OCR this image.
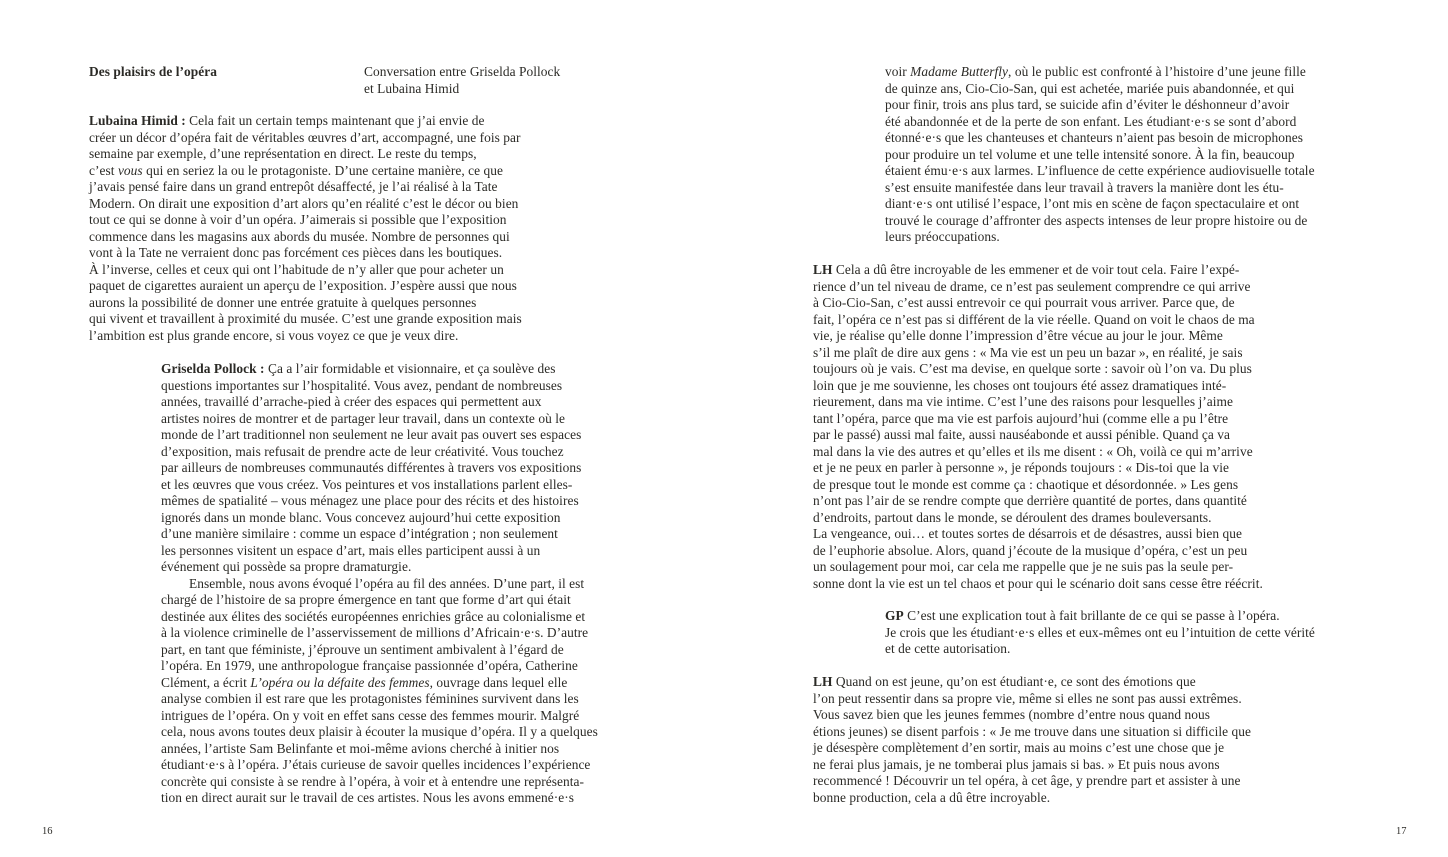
Des plaisirs de l’opéra	Conversation entre Griselda Pollock
et Lubaina Himid
Lubaina Himid : Cela fait un certain temps maintenant que j’ai envie de
créer un décor d’opéra fait de véritables œuvres d’art, accompagné, une fois par
semaine par exemple, d’une représentation en direct. Le reste du temps,
c’est vous qui en seriez la ou le protagoniste. D’une certaine manière, ce que
j’avais pensé faire dans un grand entrepôt désaffecté, je l’ai réalisé à la Tate
Modern. On dirait une exposition d’art alors qu’en réalité c’est le décor ou bien
tout ce qui se donne à voir d’un opéra. J’aimerais si possible que l’exposition
commence dans les magasins aux abords du musée. Nombre de personnes qui
vont à la Tate ne verraient donc pas forcément ces pièces dans les boutiques.
À l’inverse, celles et ceux qui ont l’habitude de n’y aller que pour acheter un
paquet de cigarettes auraient un aperçu de l’exposition. J’espère aussi que nous
aurons la possibilité de donner une entrée gratuite à quelques personnes
qui vivent et travaillent à proximité du musée. C’est une grande exposition mais
l’ambition est plus grande encore, si vous voyez ce que je veux dire.
Griselda Pollock : Ça a l’air formidable et visionnaire, et ça soulève des
questions importantes sur l’hospitalité. Vous avez, pendant de nombreuses
années, travaillé d’arrache-pied à créer des espaces qui permettent aux
artistes noires de montrer et de partager leur travail, dans un contexte où le
monde de l’art traditionnel non seulement ne leur avait pas ouvert ses espaces
d’exposition, mais refusait de prendre acte de leur créativité. Vous touchez
par ailleurs de nombreuses communautés différentes à travers vos expositions
et les œuvres que vous créez. Vos peintures et vos installations parlent elles-
mêmes de spatialité – vous ménagez une place pour des récits et des histoires
ignorés dans un monde blanc. Vous concevez aujourd’hui cette exposition
d’une manière similaire : comme un espace d’intégration ; non seulement
les personnes visitent un espace d’art, mais elles participent aussi à un
événement qui possède sa propre dramaturgie.
Ensemble, nous avons évoqué l’opéra au fil des années. D’une part, il est
chargé de l’histoire de sa propre émergence en tant que forme d’art qui était
destinée aux élites des sociétés européennes enrichies grâce au colonialisme et
à la violence criminelle de l’asservissement de millions d’Africain·e·s. D’autre
part, en tant que féministe, j’éprouve un sentiment ambivalent à l’égard de
l’opéra. En 1979, une anthropologue française passionnée d’opéra, Catherine
Clément, a écrit L’opéra ou la défaite des femmes, ouvrage dans lequel elle
analyse combien il est rare que les protagonistes féminines survivent dans les
intrigues de l’opéra. On y voit en effet sans cesse des femmes mourir. Malgré
cela, nous avons toutes deux plaisir à écouter la musique d’opéra. Il y a quelques
années, l’artiste Sam Belinfante et moi-même avions cherché à initier nos
étudiant·e·s à l’opéra. J’étais curieuse de savoir quelles incidences l’expérience
concrète qui consiste à se rendre à l’opéra, à voir et à entendre une représenta-
tion en direct aurait sur le travail de ces artistes. Nous les avons emmené·e·s
voir Madame Butterfly, où le public est confronté à l’histoire d’une jeune fille
de quinze ans, Cio-Cio-San, qui est achetée, mariée puis abandonnée, et qui
pour finir, trois ans plus tard, se suicide afin d’éviter le déshonneur d’avoir
été abandonnée et de la perte de son enfant. Les étudiant·e·s se sont d’abord
étonné·e·s que les chanteuses et chanteurs n’aient pas besoin de microphones
pour produire un tel volume et une telle intensité sonore. À la fin, beaucoup
étaient ému·e·s aux larmes. L’influence de cette expérience audiovisuelle totale
s’est ensuite manifestée dans leur travail à travers la manière dont les étu-
diant·e·s ont utilisé l’espace, l’ont mis en scène de façon spectaculaire et ont
trouvé le courage d’affronter des aspects intenses de leur propre histoire ou de
leurs préoccupations.
LH Cela a dû être incroyable de les emmener et de voir tout cela. Faire l’expé-
rience d’un tel niveau de drame, ce n’est pas seulement comprendre ce qui arrive
à Cio-Cio-San, c’est aussi entrevoir ce qui pourrait vous arriver. Parce que, de
fait, l’opéra ce n’est pas si différent de la vie réelle. Quand on voit le chaos de ma
vie, je réalise qu’elle donne l’impression d’être vécue au jour le jour. Même
s’il me plaît de dire aux gens : « Ma vie est un peu un bazar », en réalité, je sais
toujours où je vais. C’est ma devise, en quelque sorte : savoir où l’on va. Du plus
loin que je me souvienne, les choses ont toujours été assez dramatiques inté-
rieurement, dans ma vie intime. C’est l’une des raisons pour lesquelles j’aime
tant l’opéra, parce que ma vie est parfois aujourd’hui (comme elle a pu l’être
par le passé) aussi mal faite, aussi nauséabonde et aussi pénible. Quand ça va
mal dans la vie des autres et qu’elles et ils me disent : « Oh, voilà ce qui m’arrive
et je ne peux en parler à personne », je réponds toujours : « Dis-toi que la vie
de presque tout le monde est comme ça : chaotique et désordonnée. » Les gens
n’ont pas l’air de se rendre compte que derrière quantité de portes, dans quantité
d’endroits, partout dans le monde, se déroulent des drames bouleversants.
La vengeance, oui… et toutes sortes de désarrois et de désastres, aussi bien que
de l’euphorie absolue. Alors, quand j’écoute de la musique d’opéra, c’est un peu
un soulagement pour moi, car cela me rappelle que je ne suis pas la seule per-
sonne dont la vie est un tel chaos et pour qui le scénario doit sans cesse être réécrit.
GP C’est une explication tout à fait brillante de ce qui se passe à l’opéra.
Je crois que les étudiant·e·s elles et eux-mêmes ont eu l’intuition de cette vérité
et de cette autorisation.
LH Quand on est jeune, qu’on est étudiant·e, ce sont des émotions que
l’on peut ressentir dans sa propre vie, même si elles ne sont pas aussi extrêmes.
Vous savez bien que les jeunes femmes (nombre d’entre nous quand nous
étions jeunes) se disent parfois : « Je me trouve dans une situation si difficile que
je désespère complètement d’en sortir, mais au moins c’est une chose que je
ne ferai plus jamais, je ne tomberai plus jamais si bas. » Et puis nous avons
recommencé ! Découvrir un tel opéra, à cet âge, y prendre part et assister à une
bonne production, cela a dû être incroyable.
16	17
